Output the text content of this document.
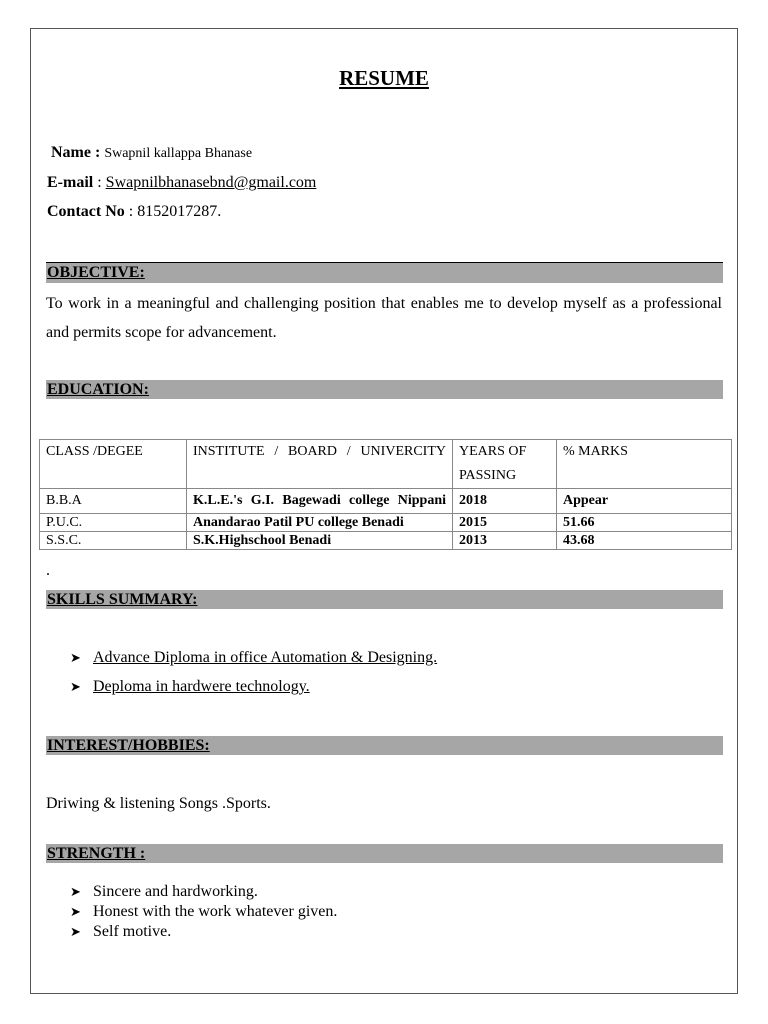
RESUME
Name : Swapnil kallappa Bhanase
E-mail : Swapnilbhanasebnd@gmail.com
Contact No : 8152017287.
OBJECTIVE:
To work in a meaningful and challenging position that enables me to develop myself as a professional and permits scope for advancement.
EDUCATION:
CLASS /DEGEE	INSTITUTE / BOARD / UNIVERCITY	YEARS OF PASSING	% MARKS
B.B.A	K.L.E.'s G.I. Bagewadi college Nippani	2018	Appear
P.U.C.	Anandarao Patil PU college Benadi	2015	51.66
S.S.C.	S.K.Highschool Benadi	2013	43.68
.
SKILLS SUMMARY:
➤ Advance Diploma in office Automation & Designing.
➤ Deploma in hardwere technology.
INTEREST/HOBBIES:
Driwing & listening Songs .Sports.
STRENGTH :
➤ Sincere and hardworking.
➤ Honest with the work whatever given.
➤ Self motive.
